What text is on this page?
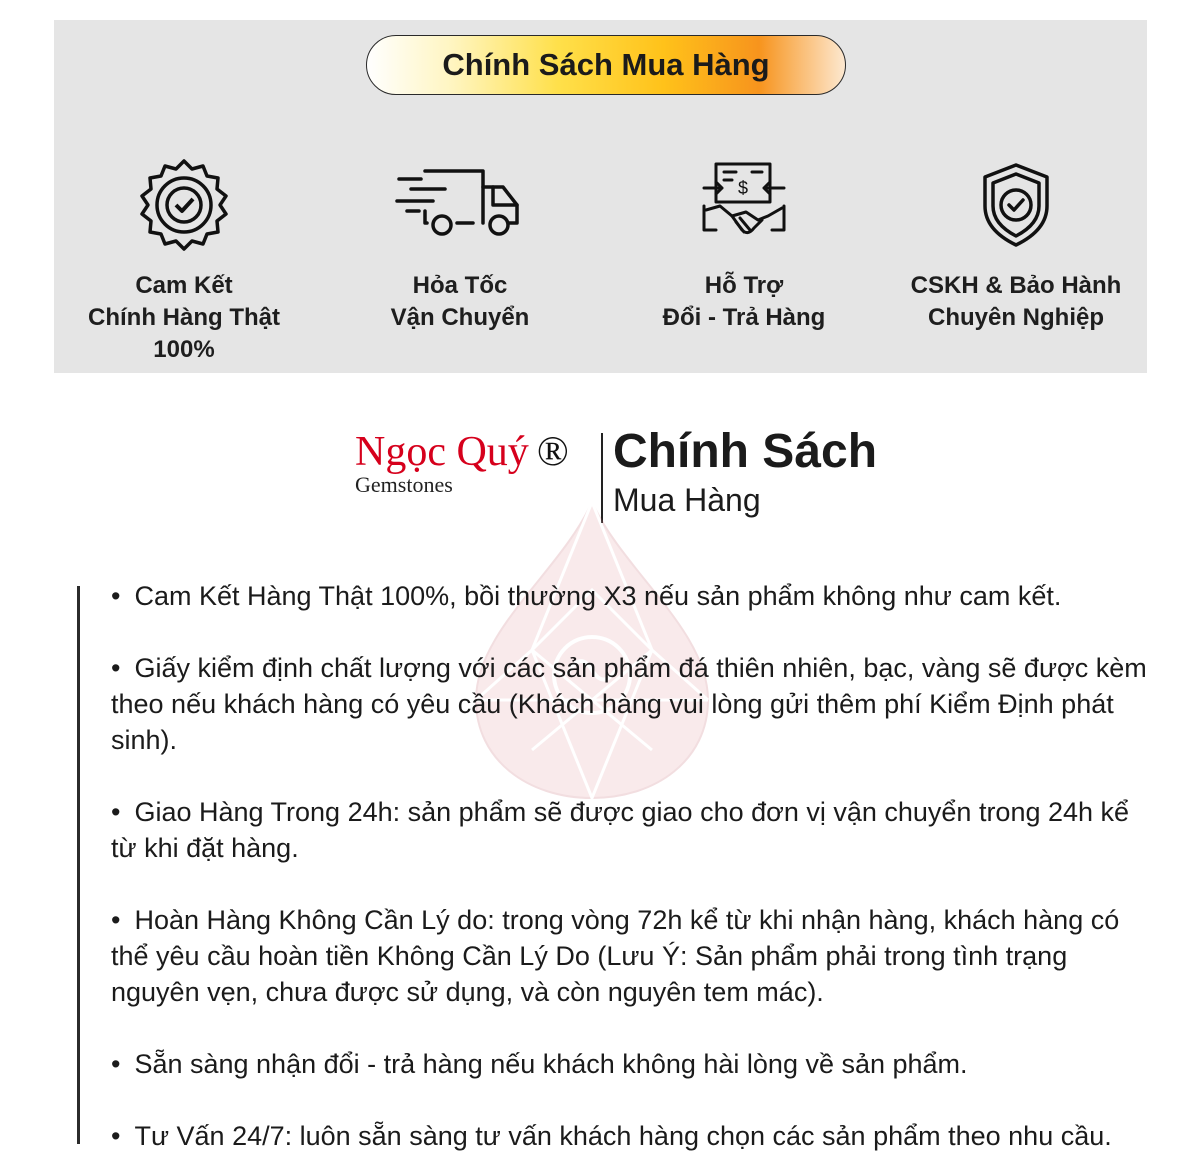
Chính Sách Mua Hàng
Cam Kết
Chính Hàng Thật
100%
Hỏa Tốc
Vận Chuyển
$
Hỗ Trợ
Đổi - Trả Hàng
CSKH & Bảo Hành
Chuyên Nghiệp
Ngọc Quý ®
Gemstones
Chính Sách
Mua Hàng
• Cam Kết Hàng Thật 100%, bồi thường X3 nếu sản phẩm không như cam kết.
• Giấy kiểm định chất lượng với các sản phẩm đá thiên nhiên, bạc, vàng sẽ được kèm theo nếu khách hàng có yêu cầu (Khách hàng vui lòng gửi thêm phí Kiểm Định phát sinh).
• Giao Hàng Trong 24h: sản phẩm sẽ được giao cho đơn vị vận chuyển trong 24h kể từ khi đặt hàng.
• Hoàn Hàng Không Cần Lý do: trong vòng 72h kể từ khi nhận hàng, khách hàng có thể yêu cầu hoàn tiền Không Cần Lý Do (Lưu Ý: Sản phẩm phải trong tình trạng nguyên vẹn, chưa được sử dụng, và còn nguyên tem mác).
• Sẵn sàng nhận đổi - trả hàng nếu khách không hài lòng về sản phẩm.
• Tư Vấn 24/7: luôn sẵn sàng tư vấn khách hàng chọn các sản phẩm theo nhu cầu.
